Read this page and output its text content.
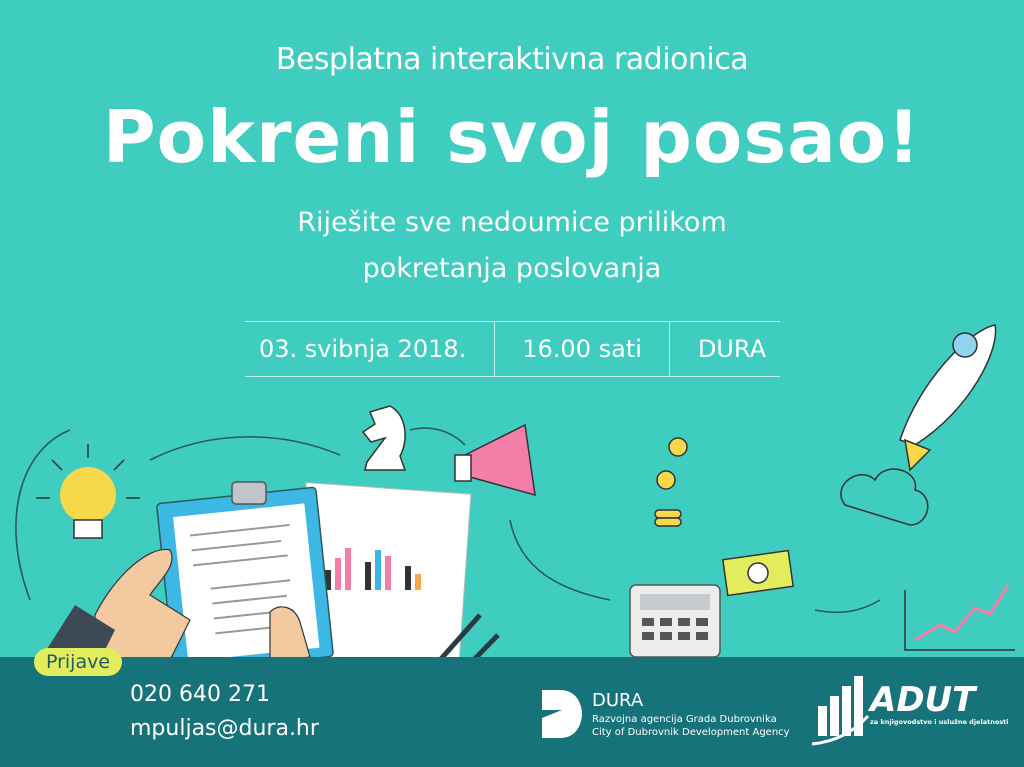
Besplatna interaktivna radionica
Pokreni svoj posao!
Riješite sve nedoumice prilikom
pokretanja poslovanja
03. svibnja 2018.	16.00 sati	DURA
Prijave
020 640 271
mpuljas@dura.hr
DURA
Razvojna agencija Grada Dubrovnika
City of Dubrovnik Development Agency
ADUT
za knjigovodstvo i uslužne djelatnosti
